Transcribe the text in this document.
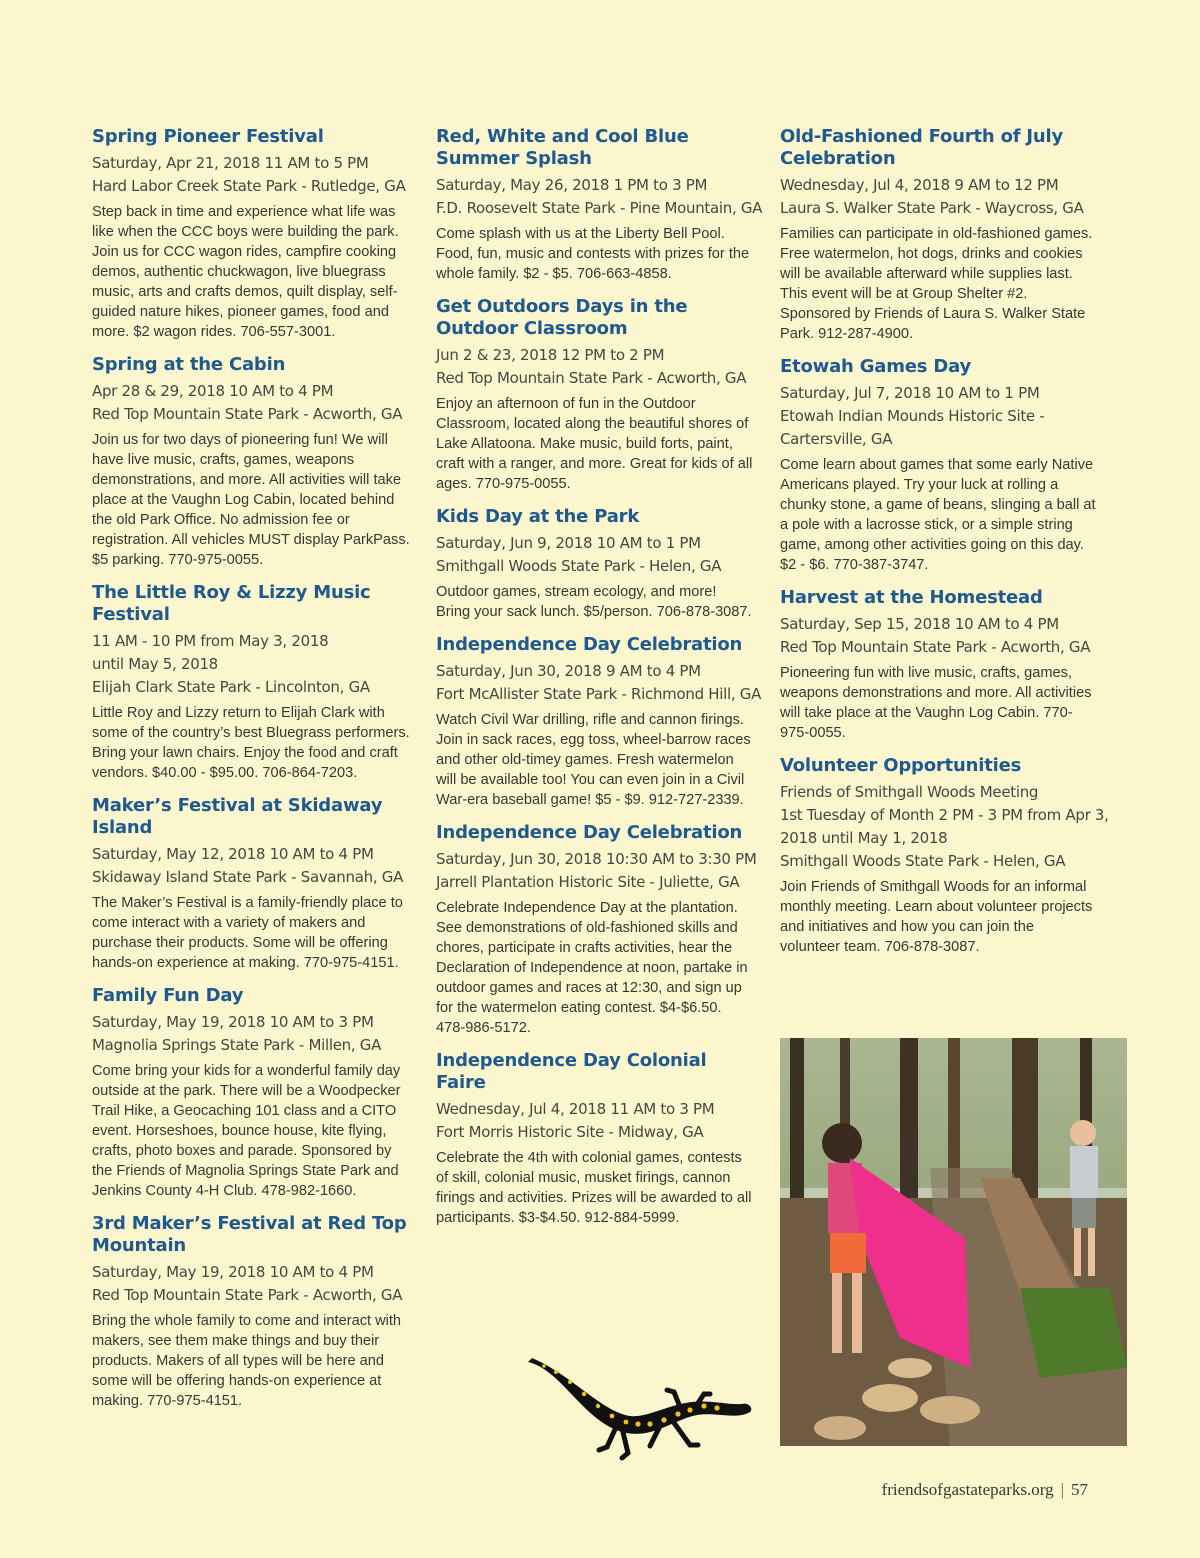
Spring Pioneer Festival
Saturday, Apr 21, 2018 11 AM to 5 PM
Hard Labor Creek State Park - Rutledge, GA

Step back in time and experience what life was like when the CCC boys were building the park. Join us for CCC wagon rides, campfire cooking demos, authentic chuckwagon, live bluegrass music, arts and crafts demos, quilt display, self-guided nature hikes, pioneer games, food and more. $2 wagon rides. 706-557-3001.

Spring at the Cabin
Apr 28 & 29, 2018 10 AM to 4 PM
Red Top Mountain State Park - Acworth, GA

Join us for two days of pioneering fun! We will have live music, crafts, games, weapons demonstrations, and more. All activities will take place at the Vaughn Log Cabin, located behind the old Park Office. No admission fee or registration. All vehicles MUST display ParkPass. $5 parking. 770-975-0055.

The Little Roy & Lizzy Music Festival
11 AM - 10 PM from May 3, 2018
until May 5, 2018
Elijah Clark State Park - Lincolnton, GA

Little Roy and Lizzy return to Elijah Clark with some of the country’s best Bluegrass performers. Bring your lawn chairs. Enjoy the food and craft vendors. $40.00 - $95.00. 706-864-7203.

Maker’s Festival at Skidaway Island
Saturday, May 12, 2018 10 AM to 4 PM
Skidaway Island State Park - Savannah, GA

The Maker’s Festival is a family-friendly place to come interact with a variety of makers and purchase their products. Some will be offering hands-on experience at making. 770-975-4151.

Family Fun Day
Saturday, May 19, 2018 10 AM to 3 PM
Magnolia Springs State Park - Millen, GA

Come bring your kids for a wonderful family day outside at the park. There will be a Woodpecker Trail Hike, a Geocaching 101 class and a CITO event. Horseshoes, bounce house, kite flying, crafts, photo boxes and parade. Sponsored by the Friends of Magnolia Springs State Park and Jenkins County 4-H Club. 478-982-1660.

3rd Maker’s Festival at Red Top Mountain
Saturday, May 19, 2018 10 AM to 4 PM
Red Top Mountain State Park - Acworth, GA

Bring the whole family to come and interact with makers, see them make things and buy their products. Makers of all types will be here and some will be offering hands-on experience at making. 770-975-4151.

Red, White and Cool Blue Summer Splash
Saturday, May 26, 2018 1 PM to 3 PM
F.D. Roosevelt State Park - Pine Mountain, GA

Come splash with us at the Liberty Bell Pool. Food, fun, music and contests with prizes for the whole family. $2 - $5. 706-663-4858.

Get Outdoors Days in the Outdoor Classroom
Jun 2 & 23, 2018 12 PM to 2 PM
Red Top Mountain State Park - Acworth, GA

Enjoy an afternoon of fun in the Outdoor Classroom, located along the beautiful shores of Lake Allatoona. Make music, build forts, paint, craft with a ranger, and more. Great for kids of all ages. 770-975-0055.

Kids Day at the Park
Saturday, Jun 9, 2018 10 AM to 1 PM
Smithgall Woods State Park - Helen, GA

Outdoor games, stream ecology, and more! Bring your sack lunch. $5/person. 706-878-3087.

Independence Day Celebration
Saturday, Jun 30, 2018 9 AM to 4 PM
Fort McAllister State Park - Richmond Hill, GA

Watch Civil War drilling, rifle and cannon firings. Join in sack races, egg toss, wheel-barrow races and other old-timey games. Fresh watermelon will be available too! You can even join in a Civil War-era baseball game! $5 - $9. 912-727-2339.

Independence Day Celebration
Saturday, Jun 30, 2018 10:30 AM to 3:30 PM
Jarrell Plantation Historic Site - Juliette, GA

Celebrate Independence Day at the plantation. See demonstrations of old-fashioned skills and chores, participate in crafts activities, hear the Declaration of Independence at noon, partake in outdoor games and races at 12:30, and sign up for the watermelon eating contest. $4-$6.50. 478-986-5172.

Independence Day Colonial Faire
Wednesday, Jul 4, 2018 11 AM to 3 PM
Fort Morris Historic Site - Midway, GA

Celebrate the 4th with colonial games, contests of skill, colonial music, musket firings, cannon firings and activities. Prizes will be awarded to all participants. $3-$4.50. 912-884-5999.

Old-Fashioned Fourth of July Celebration
Wednesday, Jul 4, 2018 9 AM to 12 PM
Laura S. Walker State Park - Waycross, GA

Families can participate in old-fashioned games. Free watermelon, hot dogs, drinks and cookies will be available afterward while supplies last. This event will be at Group Shelter #2. Sponsored by Friends of Laura S. Walker State Park. 912-287-4900.

Etowah Games Day
Saturday, Jul 7, 2018 10 AM to 1 PM
Etowah Indian Mounds Historic Site -
Cartersville, GA

Come learn about games that some early Native Americans played. Try your luck at rolling a chunky stone, a game of beans, slinging a ball at a pole with a lacrosse stick, or a simple string game, among other activities going on this day. $2 - $6. 770-387-3747.

Harvest at the Homestead
Saturday, Sep 15, 2018 10 AM to 4 PM
Red Top Mountain State Park - Acworth, GA

Pioneering fun with live music, crafts, games, weapons demonstrations and more. All activities will take place at the Vaughn Log Cabin. 770-975-0055.

Volunteer Opportunities
Friends of Smithgall Woods Meeting
1st Tuesday of Month 2 PM - 3 PM from Apr 3,
2018 until May 1, 2018
Smithgall Woods State Park - Helen, GA

Join Friends of Smithgall Woods for an informal monthly meeting. Learn about volunteer projects and initiatives and how you can join the volunteer team. 706-878-3087.

friendsofgastateparks.org | 57
